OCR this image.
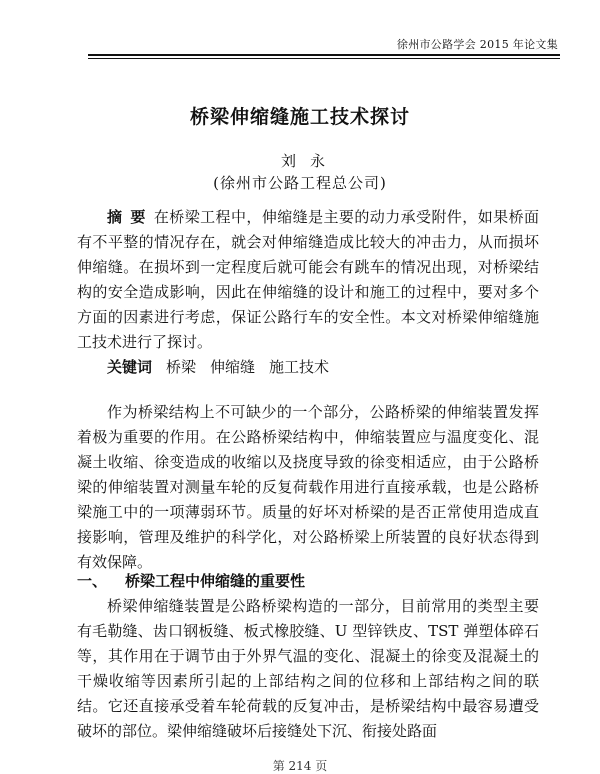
徐州市公路学会 2015 年论文集
桥梁伸缩缝施工技术探讨
刘永
(徐州市公路工程总公司)

摘要在桥梁工程中，伸缩缝是主要的动力承受附件，如果桥面有不平整的情况存在，就会对伸缩缝造成比较大的冲击力，从而损坏伸缩缝。在损坏到一定程度后就可能会有跳车的情况出现，对桥梁结构的安全造成影响，因此在伸缩缝的设计和施工的过程中，要对多个方面的因素进行考虑，保证公路行车的安全性。本文对桥梁伸缩缝施工技术进行了探讨。

关键词 桥梁 伸缩缝 施工技术

作为桥梁结构上不可缺少的一个部分，公路桥梁的伸缩装置发挥着极为重要的作用。在公路桥梁结构中，伸缩装置应与温度变化、混凝土收缩、徐变造成的收缩以及挠度导致的徐变相适应，由于公路桥梁的伸缩装置对测量车轮的反复荷载作用进行直接承载，也是公路桥梁施工中的一项薄弱环节。质量的好坏对桥梁的是否正常使用造成直接影响，管理及维护的科学化，对公路桥梁上所装置的良好状态得到有效保障。

一、 桥梁工程中伸缩缝的重要性

桥梁伸缩缝装置是公路桥梁构造的一部分，目前常用的类型主要有毛勒缝、齿口钢板缝、板式橡胶缝、U 型锌铁皮、TST 弹塑体碎石等，其作用在于调节由于外界气温的变化、混凝土的徐变及混凝土的干燥收缩等因素所引起的上部结构之间的位移和上部结构之间的联结。它还直接承受着车轮荷载的反复冲击，是桥梁结构中最容易遭受破坏的部位。梁伸缩缝破坏后接缝处下沉、衔接处路面

第 214 页
